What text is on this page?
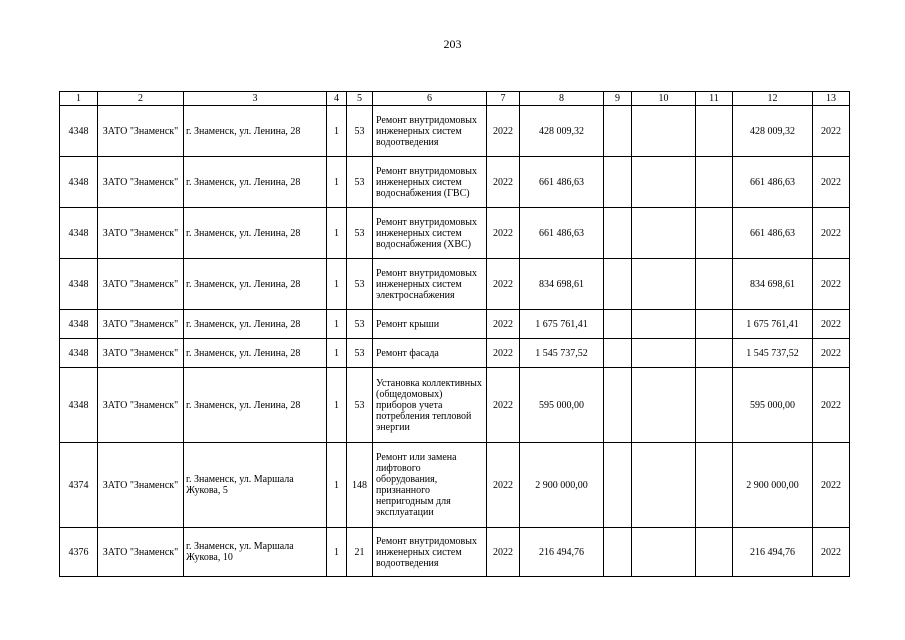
203
1	2	3	4	5	6	7	8	9	10	11	12	13
4348	ЗАТО "Знаменск"	г. Знаменск, ул. Ленина, 28	1	53	Ремонт внутридомовых инженерных систем водоотведения	2022	428 009,32				428 009,32	2022
4348	ЗАТО "Знаменск"	г. Знаменск, ул. Ленина, 28	1	53	Ремонт внутридомовых инженерных систем водоснабжения (ГВС)	2022	661 486,63				661 486,63	2022
4348	ЗАТО "Знаменск"	г. Знаменск, ул. Ленина, 28	1	53	Ремонт внутридомовых инженерных систем водоснабжения (ХВС)	2022	661 486,63				661 486,63	2022
4348	ЗАТО "Знаменск"	г. Знаменск, ул. Ленина, 28	1	53	Ремонт внутридомовых инженерных систем электроснабжения	2022	834 698,61				834 698,61	2022
4348	ЗАТО "Знаменск"	г. Знаменск, ул. Ленина, 28	1	53	Ремонт крыши	2022	1 675 761,41				1 675 761,41	2022
4348	ЗАТО "Знаменск"	г. Знаменск, ул. Ленина, 28	1	53	Ремонт фасада	2022	1 545 737,52				1 545 737,52	2022
4348	ЗАТО "Знаменск"	г. Знаменск, ул. Ленина, 28	1	53	Установка коллективных (общедомовых) приборов учета потребления тепловой энергии	2022	595 000,00				595 000,00	2022
4374	ЗАТО "Знаменск"	г. Знаменск, ул. Маршала Жукова, 5	1	148	Ремонт или замена лифтового оборудования, признанного непригодным для эксплуатации	2022	2 900 000,00				2 900 000,00	2022
4376	ЗАТО "Знаменск"	г. Знаменск, ул. Маршала Жукова, 10	1	21	Ремонт внутридомовых инженерных систем водоотведения	2022	216 494,76				216 494,76	2022
